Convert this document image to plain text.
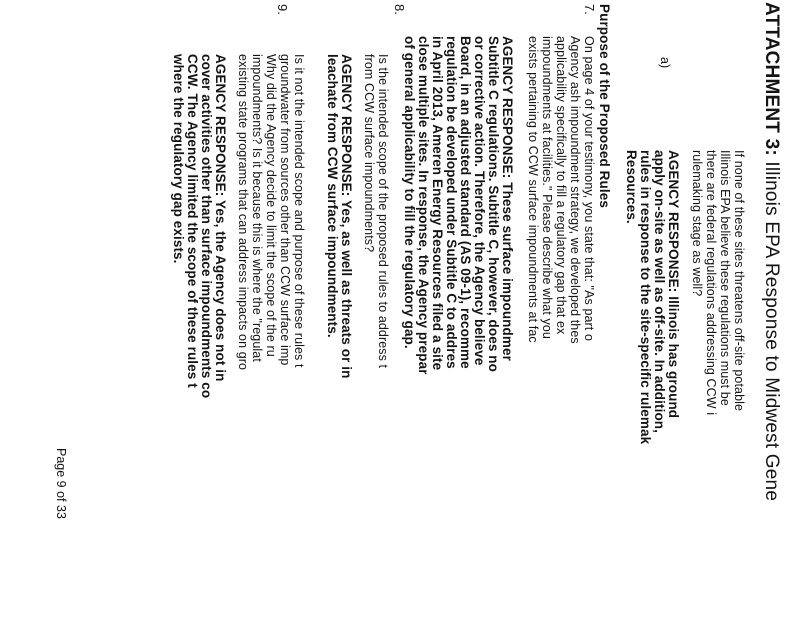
ATTACHMENT 3: Illinois EPA Response to Midwest Gene
a)
If none of these sites threatens off-site potable
Illinois EPA believe these regulations must be
there are federal regulations addressing CCW i
rulemaking stage as well?
AGENCY RESPONSE: Illinois has ground
apply on-site as well as off-site. In addition,
rules in response to the site-specific rulemak
Resources.
Purpose of the Proposed Rules
7.
On page 4 of your testimony, you state that: "As part o
Agency ash impoundment strategy, we developed thes
applicability specifically to fill a regulatory gap that ex
impoundments at facilities." Please describe what you
exists pertaining to CCW surface impoundments at fac
AGENCY RESPONSE: These surface impoundmer
Subtitle C regulations. Subtitle C, however, does no
or corrective action. Therefore, the Agency believe
Board, in an adjusted standard (AS 09-1), recomme
regulation be developed under Subtitle C to addres
in April 2013, Ameren Energy Resources filed a site
close multiple sites. In response, the Agency prepar
of general applicability to fill the regulatory gap.
8.
Is the intended scope of the proposed rules to address t
from CCW surface impoundments?
AGENCY RESPONSE: Yes, as well as threats or in
leachate from CCW surface impoundments.
9.
Is it not the intended scope and purpose of these rules t
groundwater from sources other than CCW surface imp
Why did the Agency decide to limit the scope of the ru
impoundments? Is it because this is where the "regulat
existing state programs that can address impacts on gro
AGENCY RESPONSE: Yes, the Agency does not in
cover activities other than surface impoundments co
CCW. The Agency limited the scope of these rules t
where the regulatory gap exists.
Page 9 of 33
